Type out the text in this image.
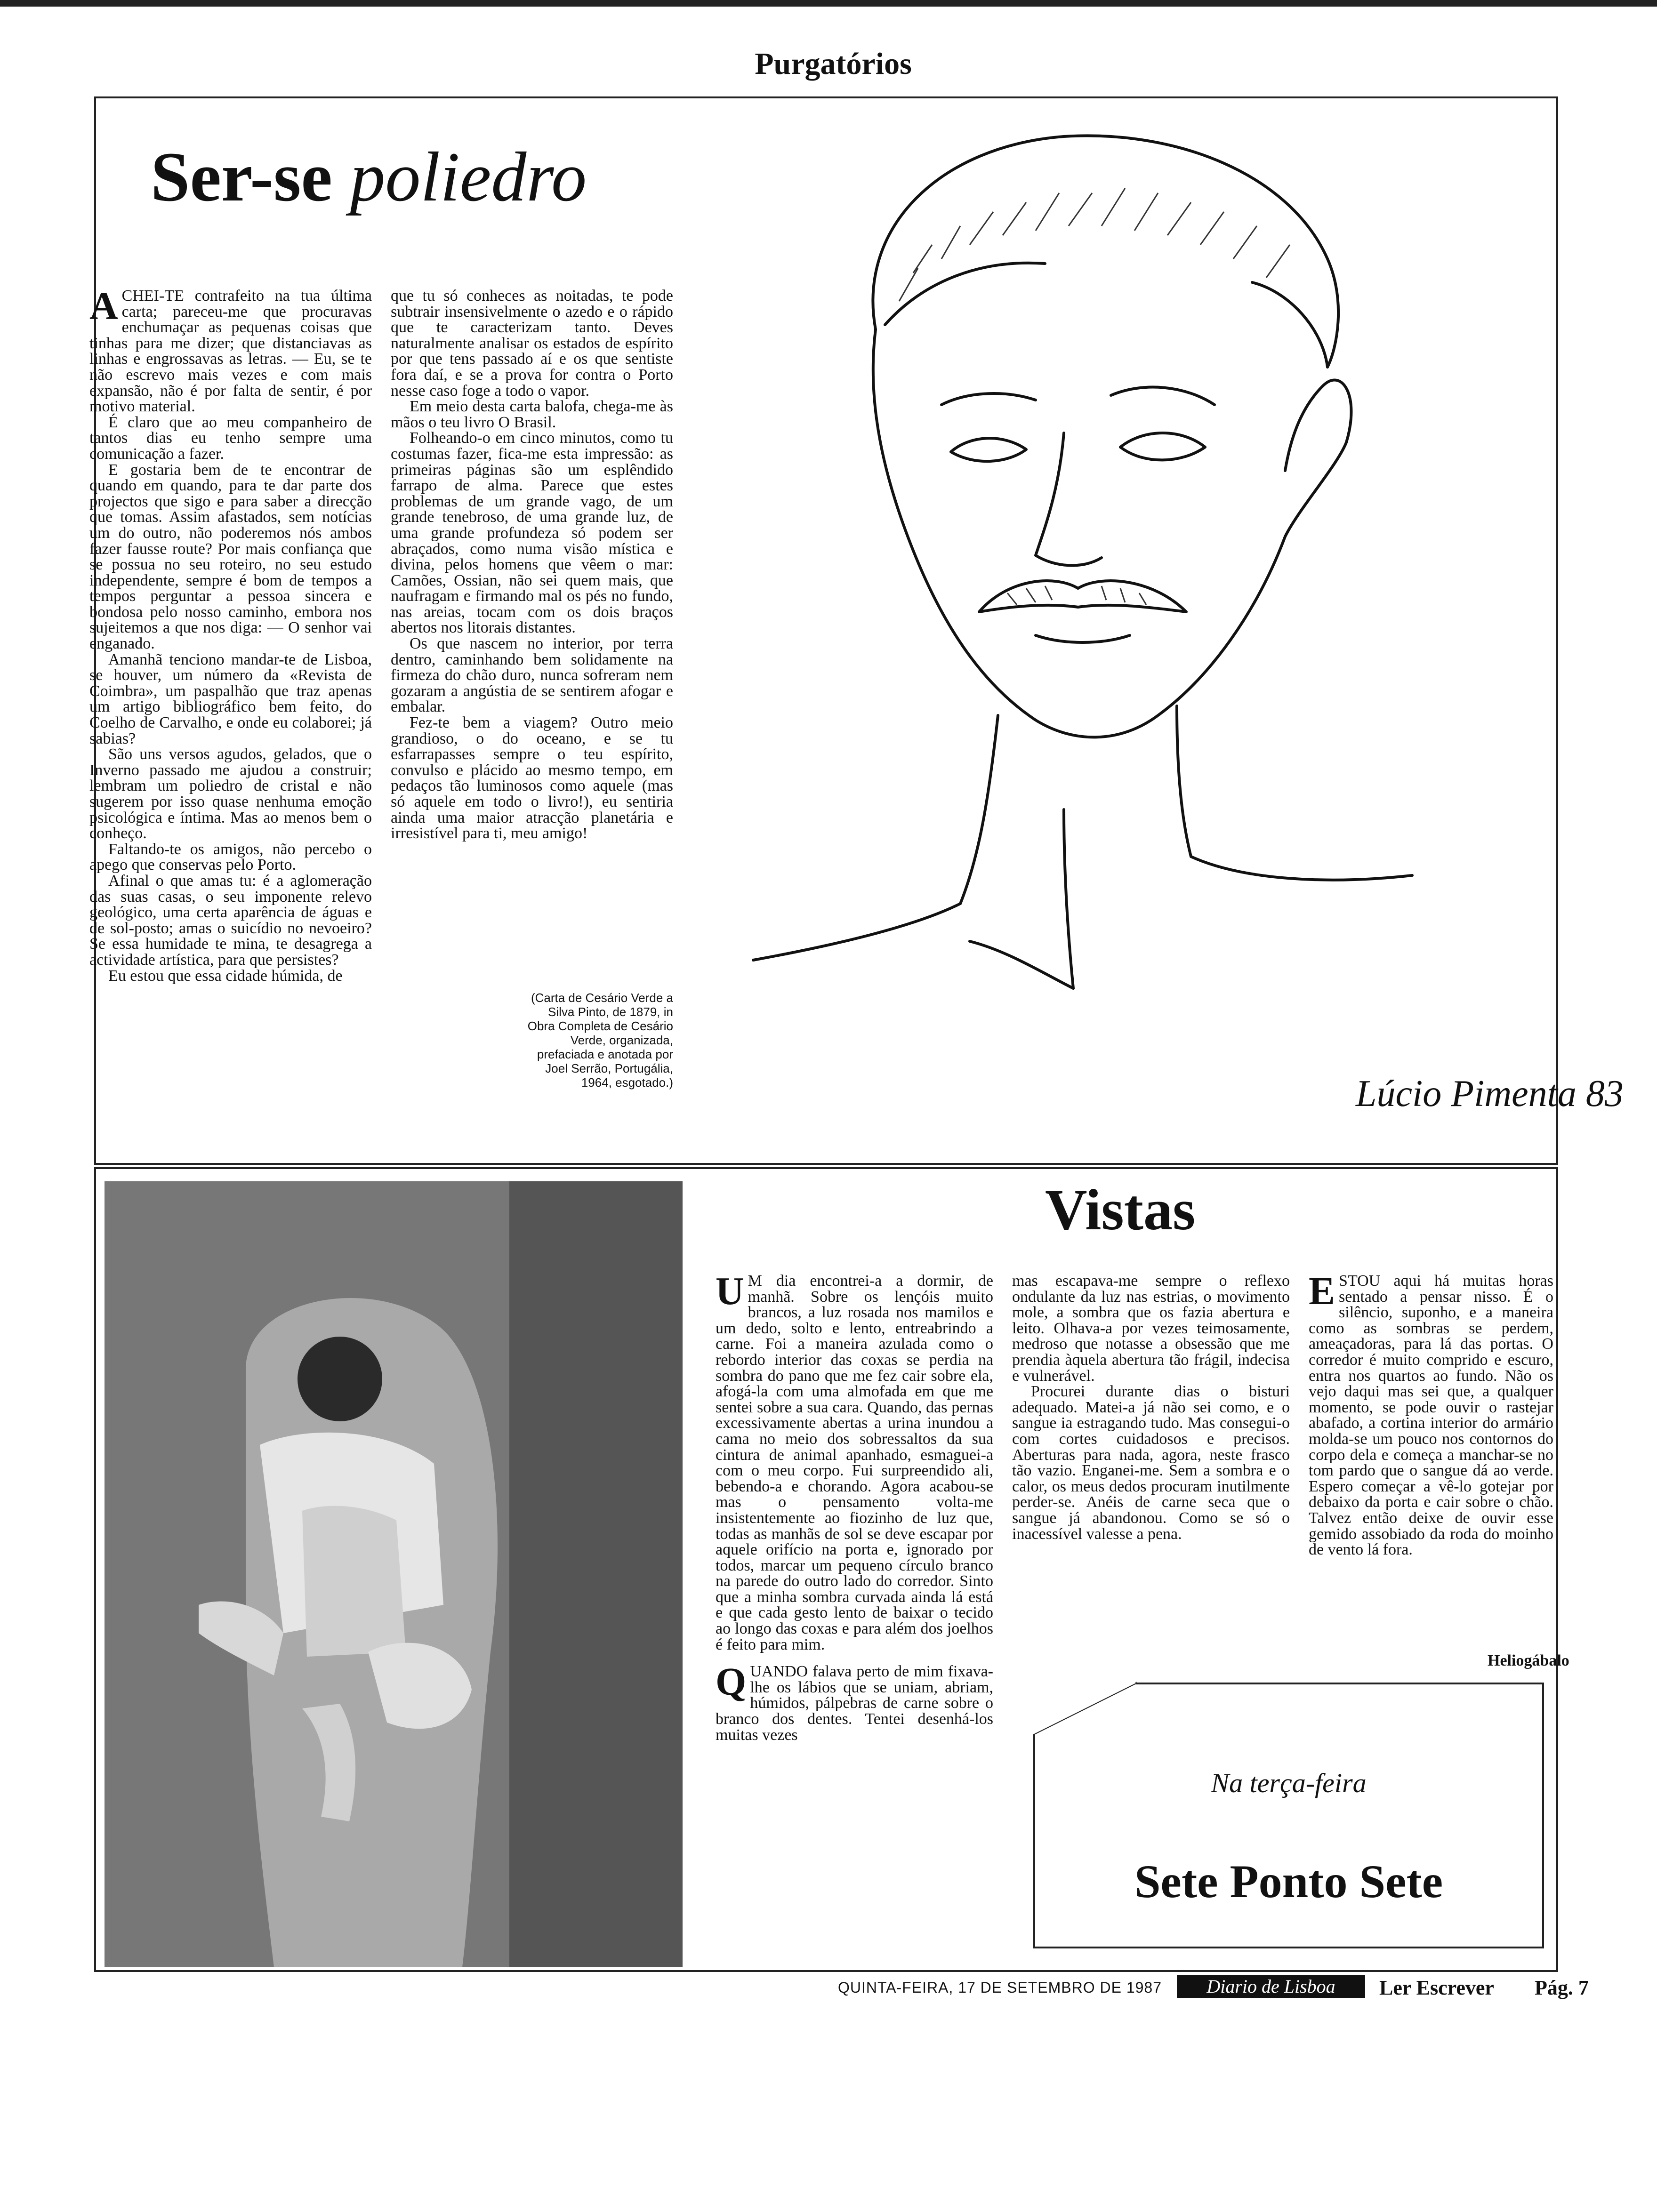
Purgatórios
Ser-se poliedro

ACHEI-TE contrafeito na tua última carta; pareceu-me que procuravas enchumaçar as pequenas coisas que tinhas para me dizer; que distanciavas as linhas e engrossavas as letras. — Eu, se te não escrevo mais vezes e com mais expansão, não é por falta de sentir, é por motivo material.

É claro que ao meu companheiro de tantos dias eu tenho sempre uma comunicação a fazer.

E gostaria bem de te encontrar de quando em quando, para te dar parte dos projectos que sigo e para saber a direcção que tomas. Assim afastados, sem notícias um do outro, não poderemos nós ambos fazer fausse route? Por mais confiança que se possua no seu roteiro, no seu estudo independente, sempre é bom de tempos a tempos perguntar a pessoa sincera e bondosa pelo nosso caminho, embora nos sujeitemos a que nos diga: — O senhor vai enganado.

Amanhã tenciono mandar-te de Lisboa, se houver, um número da «Revista de Coimbra», um paspalhão que traz apenas um artigo bibliográfico bem feito, do Coelho de Carvalho, e onde eu colaborei; já sabias?

São uns versos agudos, gelados, que o Inverno passado me ajudou a construir; lembram um poliedro de cristal e não sugerem por isso quase nenhuma emoção psicológica e íntima. Mas ao menos bem o conheço.

Faltando-te os amigos, não percebo o apego que conservas pelo Porto.

Afinal o que amas tu: é a aglomeração das suas casas, o seu imponente relevo geológico, uma certa aparência de águas e de sol-posto; amas o suicídio no nevoeiro? Se essa humidade te mina, te desagrega a actividade artística, para que persistes?

Eu estou que essa cidade húmida, de

que tu só conheces as noitadas, te pode subtrair insensivelmente o azedo e o rápido que te caracterizam tanto. Deves naturalmente analisar os estados de espírito por que tens passado aí e os que sentiste fora daí, e se a prova for contra o Porto nesse caso foge a todo o vapor.

Em meio desta carta balofa, chega-me às mãos o teu livro O Brasil.

Folheando-o em cinco minutos, como tu costumas fazer, fica-me esta impressão: as primeiras páginas são um esplêndido farrapo de alma. Parece que estes problemas de um grande vago, de um grande tenebroso, de uma grande luz, de uma grande profundeza só podem ser abraçados, como numa visão mística e divina, pelos homens que vêem o mar: Camões, Ossian, não sei quem mais, que naufragam e firmando mal os pés no fundo, nas areias, tocam com os dois braços abertos nos litorais distantes.

Os que nascem no interior, por terra dentro, caminhando bem solidamente na firmeza do chão duro, nunca sofreram nem gozaram a angústia de se sentirem afogar e embalar.

Fez-te bem a viagem? Outro meio grandioso, o do oceano, e se tu esfarrapasses sempre o teu espírito, convulso e plácido ao mesmo tempo, em pedaços tão luminosos como aquele (mas só aquele em todo o livro!), eu sentiria ainda uma maior atracção planetária e irresistível para ti, meu amigo!

(Carta de Cesário Verde a Silva Pinto, de 1879, in Obra Completa de Cesário Verde, organizada, prefaciada e anotada por Joel Serrão, Portugália, 1964, esgotado.)	Lúcio Pimenta 83
Vistas

U M dia encontrei-a a dormir, de manhã. Sobre os lençóis muito brancos, a luz rosada nos mamilos e um dedo, solto e lento, entreabrindo a carne. Foi a maneira azulada como o rebordo interior das coxas se perdia na sombra do pano que me fez cair sobre ela, afogá-la com uma almofada em que me sentei sobre a sua cara. Quando, das pernas excessivamente abertas a urina inundou a cama no meio dos sobressaltos da sua cintura de animal apanhado, esmaguei-a com o meu corpo. Fui surpreendido ali, bebendo-a e chorando. Agora acabou-se mas o pensamento volta-me insistentemente ao fiozinho de luz que, todas as manhãs de sol se deve escapar por aquele orifício na porta e, ignorado por todos, marcar um pequeno círculo branco na parede do outro lado do corredor. Sinto que a minha sombra curvada ainda lá está e que cada gesto lento de baixar o tecido ao longo das coxas e para além dos joelhos é feito para mim.

QUANDO falava perto de mim fixava-lhe os lábios que se uniam, abriam, húmidos, pálpebras de carne sobre o branco dos dentes. Tentei desenhá-los muitas vezes

mas escapava-me sempre o reflexo ondulante da luz nas estrias, o movimento mole, a sombra que os fazia abertura e leito. Olhava-a por vezes teimosamente, medroso que notasse a obsessão que me prendia àquela abertura tão frágil, indecisa e vulnerável.

Procurei durante dias o bisturi adequado. Matei-a já não sei como, e o sangue ia estragando tudo. Mas consegui-o com cortes cuidadosos e precisos. Aberturas para nada, agora, neste frasco tão vazio. Enganei-me. Sem a sombra e o calor, os meus dedos procuram inutilmente perder-se. Anéis de carne seca que o sangue já abandonou. Como se só o inacessível valesse a pena.

ESTOU aqui há muitas horas sentado a pensar nisso. É o silêncio, suponho, e a maneira como as sombras se perdem, ameaçadoras, para lá das portas. O corredor é muito comprido e escuro, entra nos quartos ao fundo. Não os vejo daqui mas sei que, a qualquer momento, se pode ouvir o rastejar abafado, a cortina interior do armário molda-se um pouco nos contornos do corpo dela e começa a manchar-se no tom pardo que o sangue dá ao verde. Espero começar a vê-lo gotejar por debaixo da porta e cair sobre o chão. Talvez então deixe de ouvir esse gemido assobiado da roda do moinho de vento lá fora.

Heliogábalo
Na terça-feira
Sete Ponto Sete
QUINTA-FEIRA, 17 DE SETEMBRO DE 1987	Diario de Lisboa	Ler Escrever Pág. 7
